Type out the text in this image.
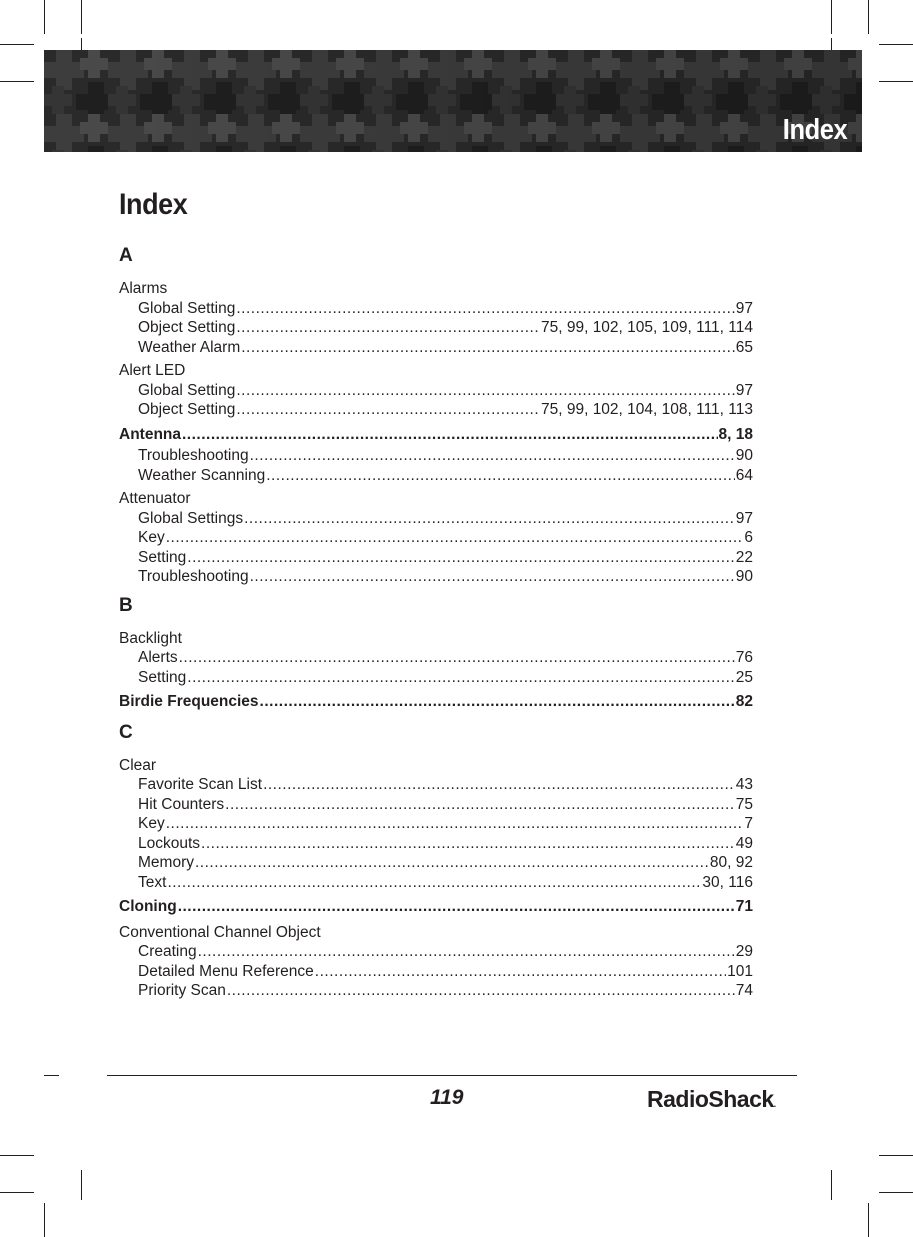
Index
Index
A
Alarms
Global Setting .....	97
Object Setting .....	75, 99, 102, 105, 109, 111, 114
Weather Alarm .....	65
Alert LED
Global Setting .....	97
Object Setting .....	75, 99, 102, 104, 108, 111, 113
Antenna .....	8, 18
Troubleshooting .....	90
Weather Scanning .....	64
Attenuator
Global Settings .....	97
Key .....	6
Setting .....	22
Troubleshooting .....	90
B
Backlight
Alerts .....	76
Setting .....	25
Birdie Frequencies .....	82
C
Clear
Favorite Scan List .....	43
Hit Counters .....	75
Key .....	7
Lockouts .....	49
Memory .....	80, 92
Text .....	30, 116
Cloning .....	71
Conventional Channel Object
Creating .....	29
Detailed Menu Reference .....	101
Priority Scan .....	74
119	RadioShack.
